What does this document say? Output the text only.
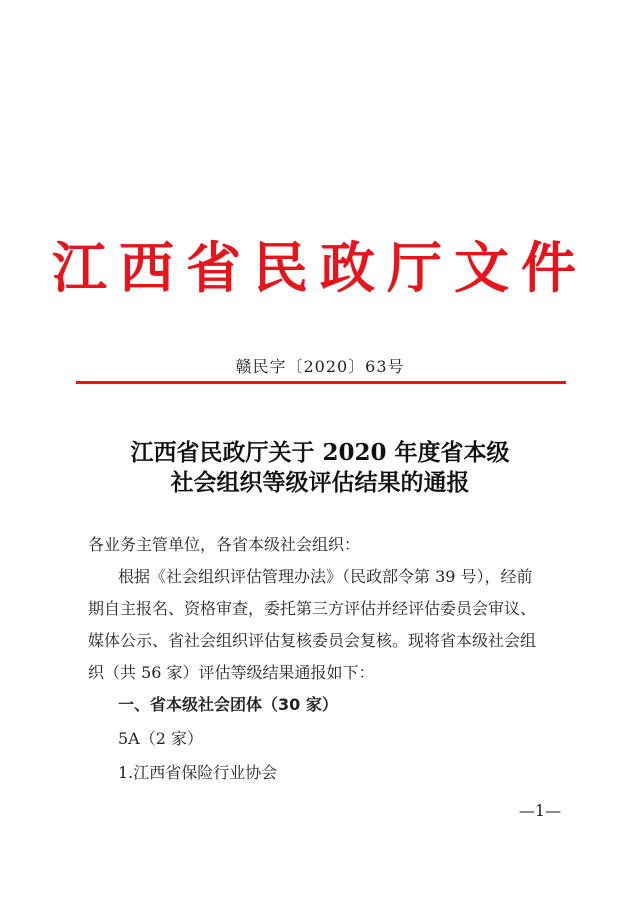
江西省民政厅文件
赣民字〔2020〕63号
江西省民政厅关于 2020 年度省本级
社会组织等级评估结果的通报
各业务主管单位，各省本级社会组织：
根据《社会组织评估管理办法》（民政部令第 39 号），经前
期自主报名、资格审查，委托第三方评估并经评估委员会审议、
媒体公示、省社会组织评估复核委员会复核。现将省本级社会组
织（共 56 家）评估等级结果通报如下：
一、省本级社会团体（30 家）
5A（2 家）
1.江西省保险行业协会
—1—
